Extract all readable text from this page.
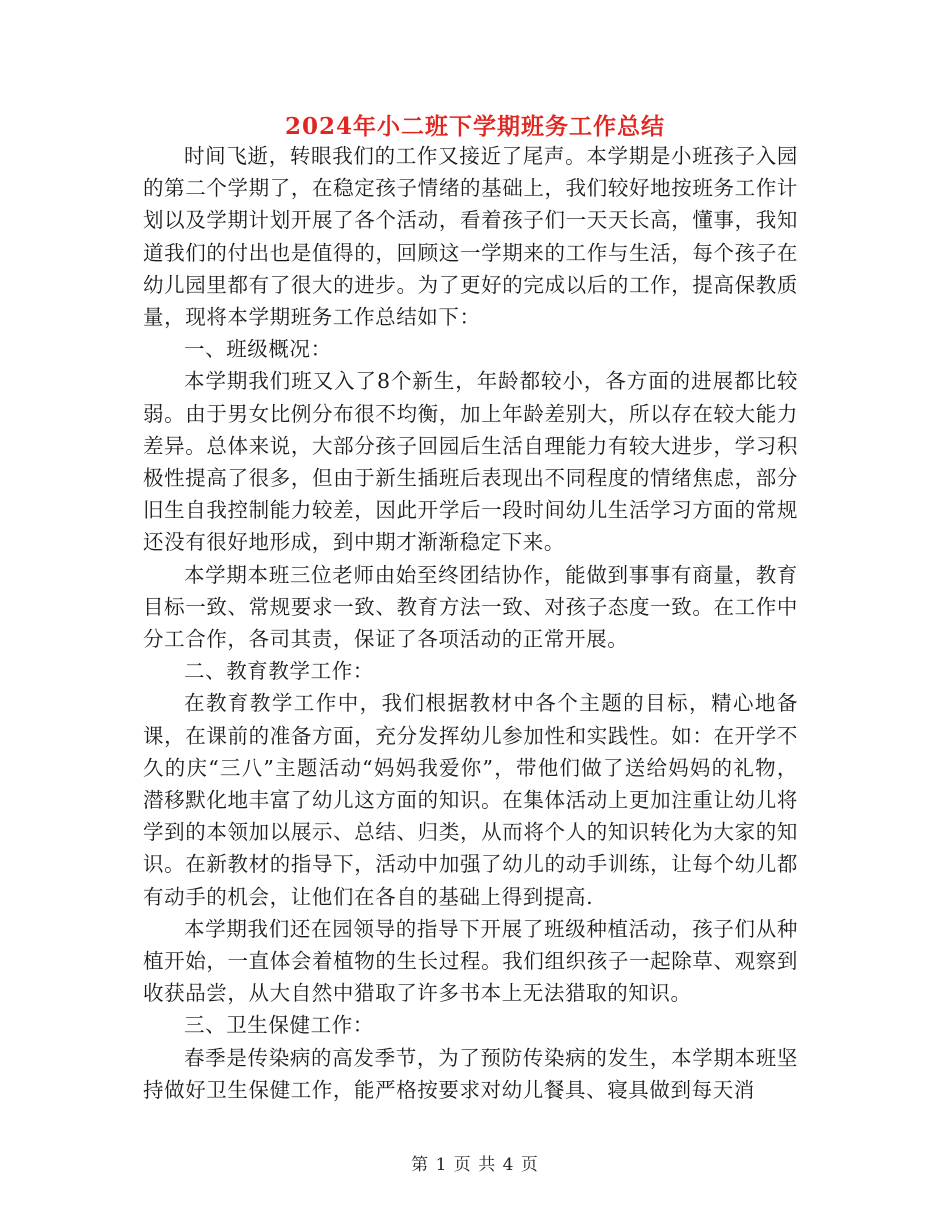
2024年小二班下学期班务工作总结

时间飞逝，转眼我们的工作又接近了尾声。本学期是小班孩子入园的第二个学期了，在稳定孩子情绪的基础上，我们较好地按班务工作计划以及学期计划开展了各个活动，看着孩子们一天天长高，懂事，我知道我们的付出也是值得的，回顾这一学期来的工作与生活，每个孩子在幼儿园里都有了很大的进步。为了更好的完成以后的工作，提高保教质量，现将本学期班务工作总结如下：

一、班级概况：

本学期我们班又入了8个新生，年龄都较小，各方面的进展都比较弱。由于男女比例分布很不均衡，加上年龄差别大，所以存在较大能力差异。总体来说，大部分孩子回园后生活自理能力有较大进步，学习积极性提高了很多，但由于新生插班后表现出不同程度的情绪焦虑，部分旧生自我控制能力较差，因此开学后一段时间幼儿生活学习方面的常规还没有很好地形成，到中期才渐渐稳定下来。

本学期本班三位老师由始至终团结协作，能做到事事有商量，教育目标一致、常规要求一致、教育方法一致、对孩子态度一致。在工作中分工合作，各司其责，保证了各项活动的正常开展。

二、教育教学工作：

在教育教学工作中，我们根据教材中各个主题的目标，精心地备课，在课前的准备方面，充分发挥幼儿参加性和实践性。如：在开学不久的庆“三八”主题活动“妈妈我爱你”，带他们做了送给妈妈的礼物，潜移默化地丰富了幼儿这方面的知识。在集体活动上更加注重让幼儿将学到的本领加以展示、总结、归类，从而将个人的知识转化为大家的知识。在新教材的指导下，活动中加强了幼儿的动手训练，让每个幼儿都有动手的机会，让他们在各自的基础上得到提高.

本学期我们还在园领导的指导下开展了班级种植活动，孩子们从种植开始，一直体会着植物的生长过程。我们组织孩子一起除草、观察到收获品尝，从大自然中猎取了许多书本上无法猎取的知识。

三、卫生保健工作：

春季是传染病的高发季节，为了预防传染病的发生，本学期本班坚持做好卫生保健工作，能严格按要求对幼儿餐具、寝具做到每天消

第 1 页 共 4 页
